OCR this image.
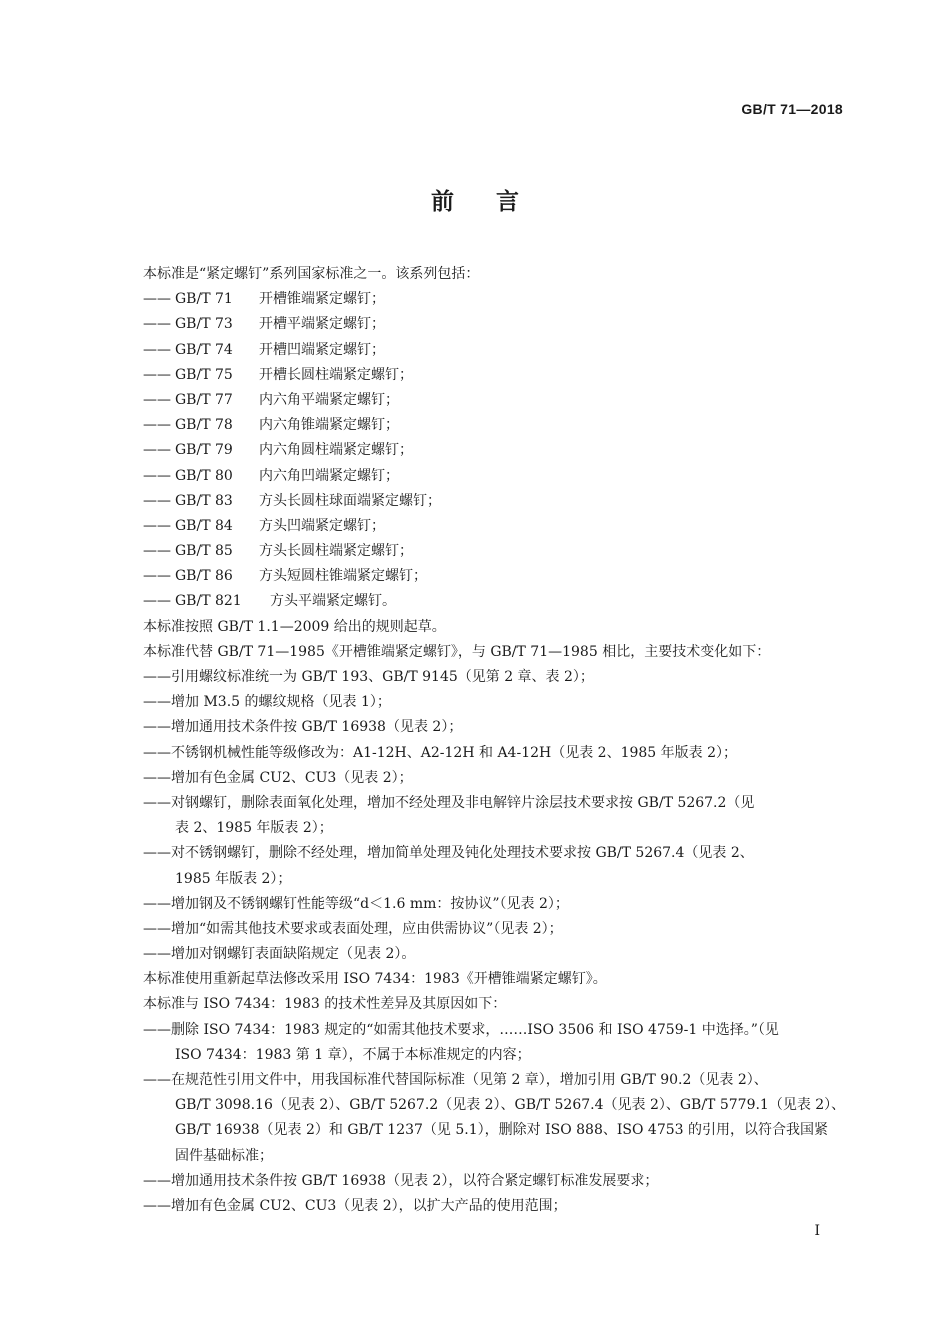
GB/T 71—2018
前言
本标准是“紧定螺钉”系列国家标准之一。该系列包括：
—— GB/T 71 开槽锥端紧定螺钉；
—— GB/T 73 开槽平端紧定螺钉；
—— GB/T 74 开槽凹端紧定螺钉；
—— GB/T 75 开槽长圆柱端紧定螺钉；
—— GB/T 77 内六角平端紧定螺钉；
—— GB/T 78 内六角锥端紧定螺钉；
—— GB/T 79 内六角圆柱端紧定螺钉；
—— GB/T 80 内六角凹端紧定螺钉；
—— GB/T 83 方头长圆柱球面端紧定螺钉；
—— GB/T 84 方头凹端紧定螺钉；
—— GB/T 85 方头长圆柱端紧定螺钉；
—— GB/T 86 方头短圆柱锥端紧定螺钉；
—— GB/T 821 方头平端紧定螺钉。
本标准按照 GB/T 1.1—2009 给出的规则起草。
本标准代替 GB/T 71—1985《开槽锥端紧定螺钉》，与 GB/T 71—1985 相比，主要技术变化如下：
——引用螺纹标准统一为 GB/T 193、GB/T 9145（见第 2 章、表 2）；
——增加 M3.5 的螺纹规格（见表 1）；
——增加通用技术条件按 GB/T 16938（见表 2）；
——不锈钢机械性能等级修改为：A1-12H、A2-12H 和 A4-12H（见表 2、1985 年版表 2）；
——增加有色金属 CU2、CU3（见表 2）；
——对钢螺钉，删除表面氧化处理，增加不经处理及非电解锌片涂层技术要求按 GB/T 5267.2（见
表 2、1985 年版表 2）；
——对不锈钢螺钉，删除不经处理，增加简单处理及钝化处理技术要求按 GB/T 5267.4（见表 2、
1985 年版表 2）；
——增加钢及不锈钢螺钉性能等级“d＜1.6 mm：按协议”（见表 2）；
——增加“如需其他技术要求或表面处理，应由供需协议”（见表 2）；
——增加对钢螺钉表面缺陷规定（见表 2）。
本标准使用重新起草法修改采用 ISO 7434：1983《开槽锥端紧定螺钉》。
本标准与 ISO 7434：1983 的技术性差异及其原因如下：
——删除 ISO 7434：1983 规定的“如需其他技术要求，……ISO 3506 和 ISO 4759-1 中选择。”（见
ISO 7434：1983 第 1 章），不属于本标准规定的内容；
——在规范性引用文件中，用我国标准代替国际标准（见第 2 章），增加引用 GB/T 90.2（见表 2）、
GB/T 3098.16（见表 2）、GB/T 5267.2（见表 2）、GB/T 5267.4（见表 2）、GB/T 5779.1（见表 2）、
GB/T 16938（见表 2）和 GB/T 1237（见 5.1），删除对 ISO 888、ISO 4753 的引用，以符合我国紧
固件基础标准；
——增加通用技术条件按 GB/T 16938（见表 2），以符合紧定螺钉标准发展要求；
——增加有色金属 CU2、CU3（见表 2），以扩大产品的使用范围；
I
